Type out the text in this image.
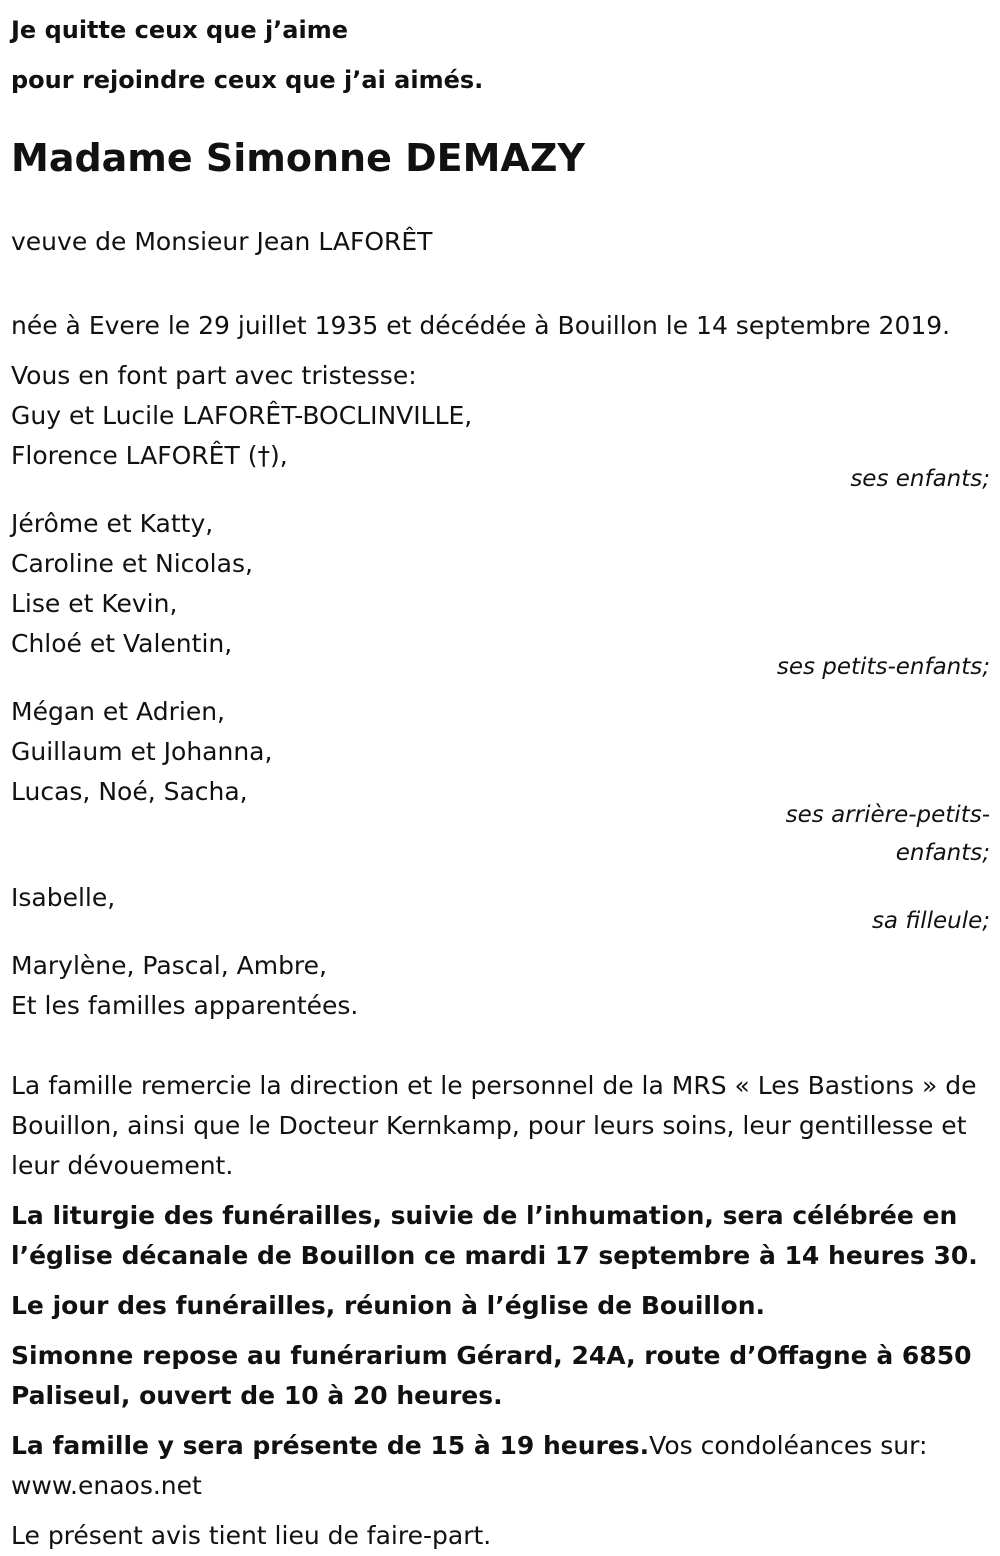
Je quitte ceux que j’aime

pour rejoindre ceux que j’ai aimés.

Madame Simonne DEMAZY

veuve de Monsieur Jean LAFORÊT

née à Evere le 29 juillet 1935 et décédée à Bouillon le 14 septembre 2019.

Vous en font part avec tristesse:

Guy et Lucile LAFORÊT-BOCLINVILLE,

Florence LAFORÊT (†),

ses enfants;

Jérôme et Katty,

Caroline et Nicolas,

Lise et Kevin,

Chloé et Valentin,

ses petits-enfants;

Mégan et Adrien,

Guillaum et Johanna,

Lucas, Noé, Sacha,

ses arrière-petits-enfants;

Isabelle,

sa filleule;

Marylène, Pascal, Ambre,

Et les familles apparentées.

La famille remercie la direction et le personnel de la MRS « Les Bastions » de Bouillon, ainsi que le Docteur Kernkamp, pour leurs soins, leur gentillesse et leur dévouement.

La liturgie des funérailles, suivie de l’inhumation, sera célébrée en l’église décanale de Bouillon ce mardi 17 septembre à 14 heures 30.

Le jour des funérailles, réunion à l’église de Bouillon.

Simonne repose au funérarium Gérard, 24A, route d’Offagne à 6850 Paliseul, ouvert de 10 à 20 heures.

La famille y sera présente de 15 à 19 heures.Vos condoléances sur: www.enaos.net

Le présent avis tient lieu de faire-part.
